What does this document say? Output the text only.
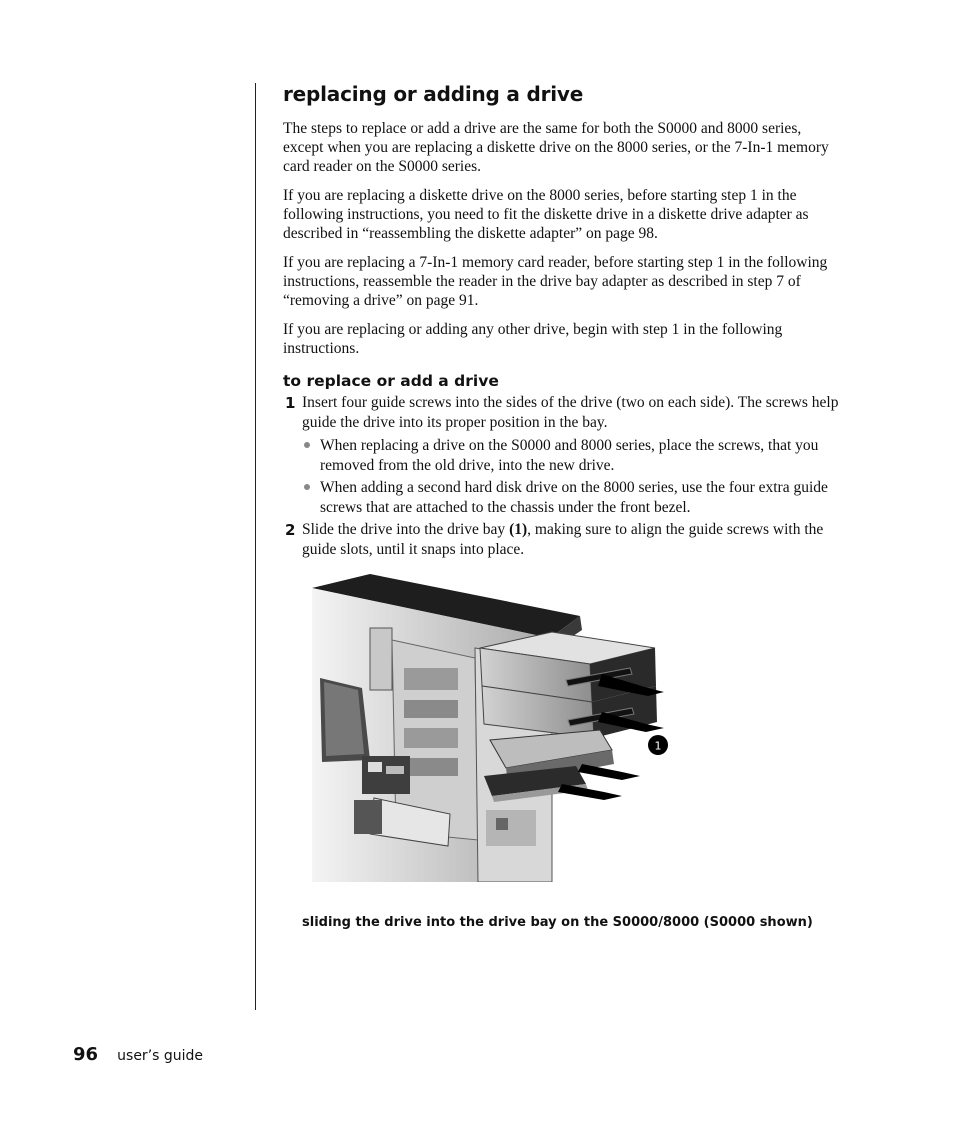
replacing or adding a drive

The steps to replace or add a drive are the same for both the S0000 and 8000 series, except when you are replacing a diskette drive on the 8000 series, or the 7-In-1 memory card reader on the S0000 series.

If you are replacing a diskette drive on the 8000 series, before starting step 1 in the following instructions, you need to fit the diskette drive in a diskette drive adapter as described in “reassembling the diskette adapter” on page 98.

If you are replacing a 7-In-1 memory card reader, before starting step 1 in the following instructions, reassemble the reader in the drive bay adapter as described in step 7 of “removing a drive” on page 91.

If you are replacing or adding any other drive, begin with step 1 in the following instructions.

to replace or add a drive
1 Insert four guide screws into the sides of the drive (two on each side). The screws help guide the drive into its proper position in the bay.
When replacing a drive on the S0000 and 8000 series, place the screws, that you removed from the old drive, into the new drive.
When adding a second hard disk drive on the 8000 series, use the four extra guide screws that are attached to the chassis under the front bezel.
2 Slide the drive into the drive bay (1), making sure to align the guide screws with the guide slots, until it snaps into place.
1
sliding the drive into the drive bay on the S0000/8000 (S0000 shown)
96 user’s guide
